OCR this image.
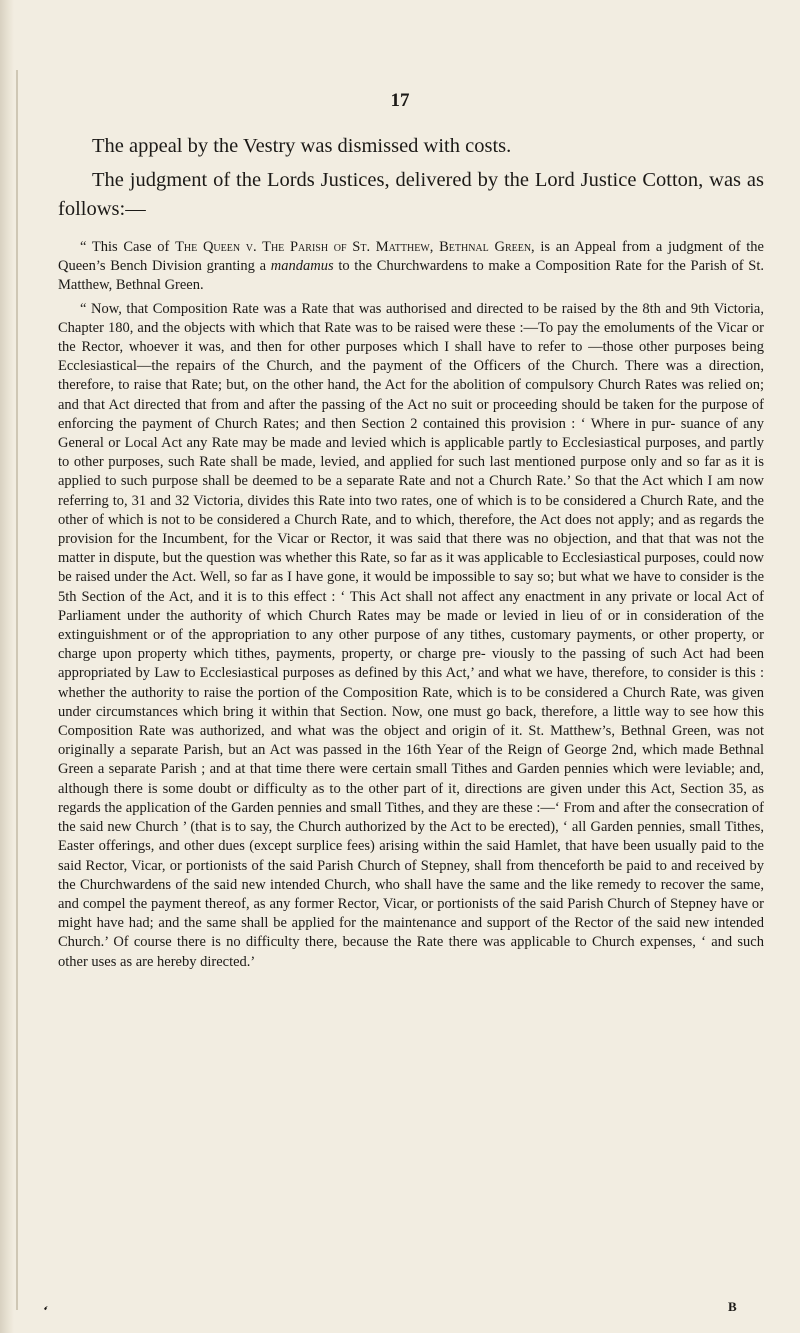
17

The appeal by the Vestry was dismissed with costs.

The judgment of the Lords Justices, delivered by the Lord Justice Cotton, was as follows:—

“ This Case of The Queen v. The Parish of St. Matthew, Bethnal Green, is an Appeal from a judgment of the Queen’s Bench Division granting a mandamus to the Churchwardens to make a Composition Rate for the Parish of St. Matthew, Bethnal Green.

“ Now, that Composition Rate was a Rate that was authorised and directed to be raised by the 8th and 9th Victoria, Chapter 180, and the objects with which that Rate was to be raised were these :—To pay the emoluments of the Vicar or the Rector, whoever it was, and then for other purposes which I shall have to refer to —those other purposes being Ecclesiastical—the repairs of the Church, and the payment of the Officers of the Church. There was a direction, therefore, to raise that Rate; but, on the other hand, the Act for the abolition of compulsory Church Rates was relied on; and that Act directed that from and after the passing of the Act no suit or proceeding should be taken for the purpose of enforcing the payment of Church Rates; and then Section 2 contained this provision : ‘ Where in pur- suance of any General or Local Act any Rate may be made and levied which is applicable partly to Ecclesiastical purposes, and partly to other purposes, such Rate shall be made, levied, and applied for such last mentioned purpose only and so far as it is applied to such purpose shall be deemed to be a separate Rate and not a Church Rate.’ So that the Act which I am now referring to, 31 and 32 Victoria, divides this Rate into two rates, one of which is to be considered a Church Rate, and the other of which is not to be considered a Church Rate, and to which, therefore, the Act does not apply; and as regards the provision for the Incumbent, for the Vicar or Rector, it was said that there was no objection, and that that was not the matter in dispute, but the question was whether this Rate, so far as it was applicable to Ecclesiastical purposes, could now be raised under the Act. Well, so far as I have gone, it would be impossible to say so; but what we have to consider is the 5th Section of the Act, and it is to this effect : ‘ This Act shall not affect any enactment in any private or local Act of Parliament under the authority of which Church Rates may be made or levied in lieu of or in consideration of the extinguishment or of the appropriation to any other purpose of any tithes, customary payments, or other property, or charge upon property which tithes, payments, property, or charge pre- viously to the passing of such Act had been appropriated by Law to Ecclesiastical purposes as defined by this Act,’ and what we have, therefore, to consider is this : whether the authority to raise the portion of the Composition Rate, which is to be considered a Church Rate, was given under circumstances which bring it within that Section. Now, one must go back, therefore, a little way to see how this Composition Rate was authorized, and what was the object and origin of it. St. Matthew’s, Bethnal Green, was not originally a separate Parish, but an Act was passed in the 16th Year of the Reign of George 2nd, which made Bethnal Green a separate Parish ; and at that time there were certain small Tithes and Garden pennies which were leviable; and, although there is some doubt or difficulty as to the other part of it, directions are given under this Act, Section 35, as regards the application of the Garden pennies and small Tithes, and they are these :—‘ From and after the consecration of the said new Church ’ (that is to say, the Church authorized by the Act to be erected), ‘ all Garden pennies, small Tithes, Easter offerings, and other dues (except surplice fees) arising within the said Hamlet, that have been usually paid to the said Rector, Vicar, or portionists of the said Parish Church of Stepney, shall from thenceforth be paid to and received by the Churchwardens of the said new intended Church, who shall have the same and the like remedy to recover the same, and compel the payment thereof, as any former Rector, Vicar, or portionists of the said Parish Church of Stepney have or might have had; and the same shall be applied for the maintenance and support of the Rector of the said new intended Church.’ Of course there is no difficulty there, because the Rate there was applicable to Church expenses, ‘ and such other uses as are hereby directed.’

❛	B
